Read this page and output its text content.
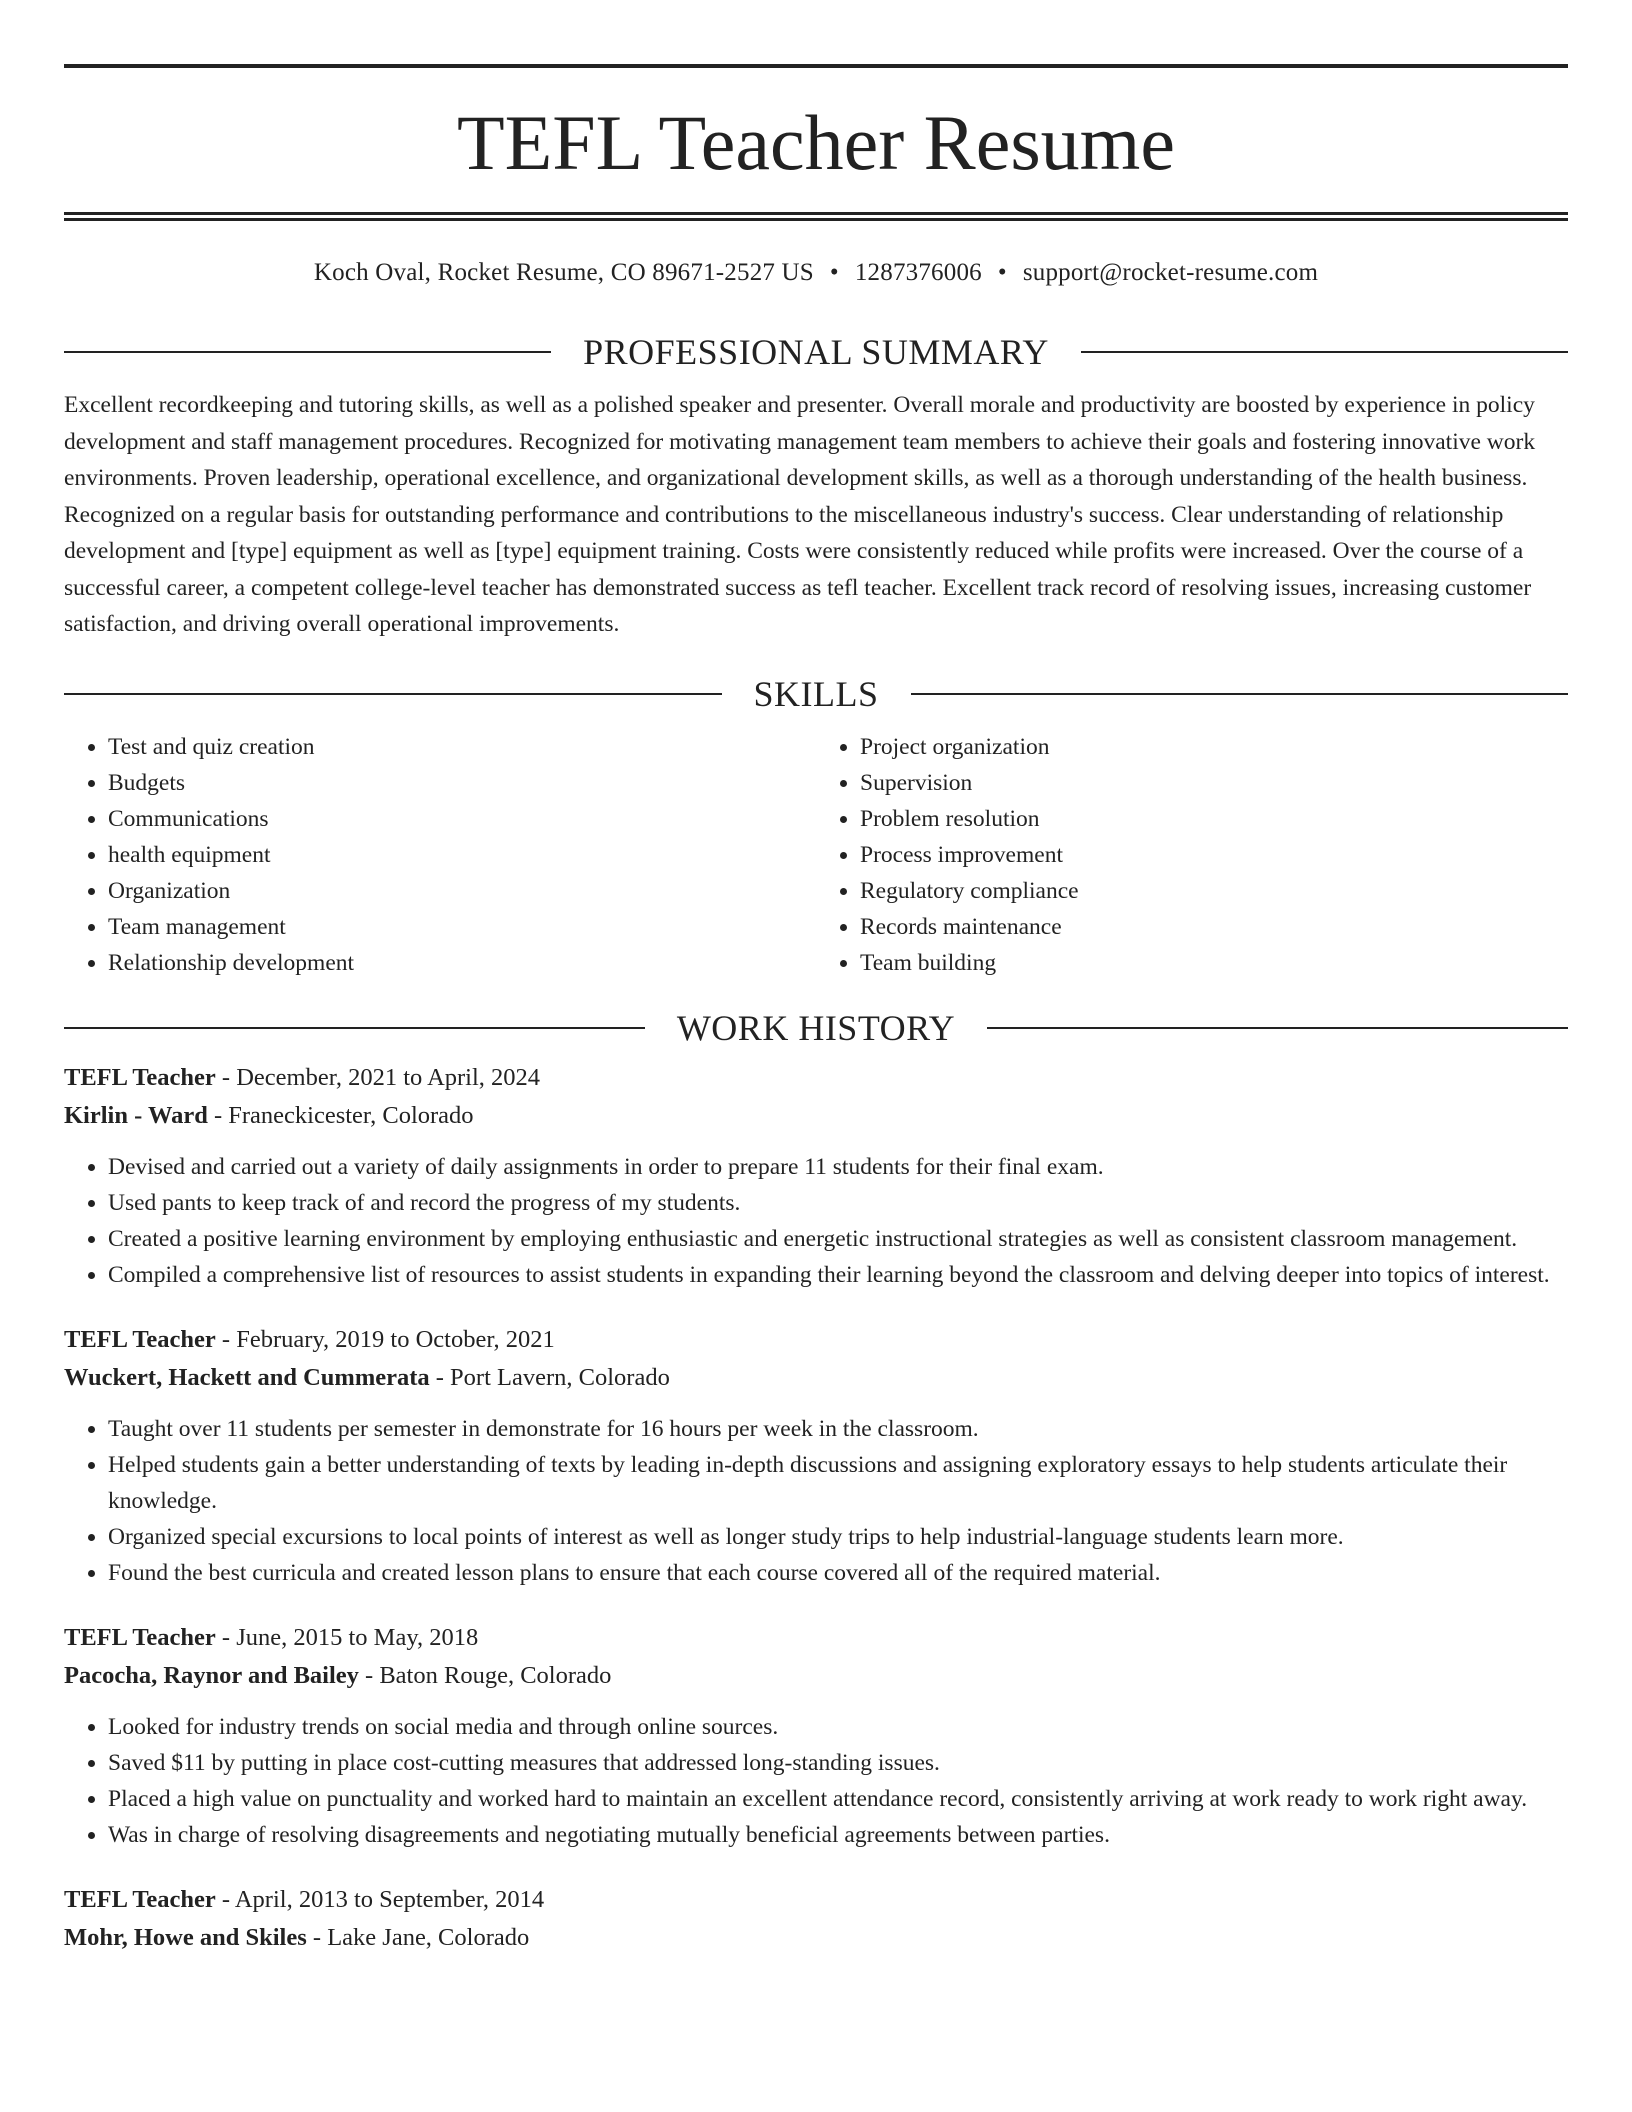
TEFL Teacher Resume
Koch Oval, Rocket Resume, CO 89671-2527 US • 1287376006 • support@rocket-resume.com
PROFESSIONAL SUMMARY

Excellent recordkeeping and tutoring skills, as well as a polished speaker and presenter. Overall morale and productivity are boosted by experience in policy development and staff management procedures. Recognized for motivating management team members to achieve their goals and fostering innovative work environments. Proven leadership, operational excellence, and organizational development skills, as well as a thorough understanding of the health business. Recognized on a regular basis for outstanding performance and contributions to the miscellaneous industry's success. Clear understanding of relationship development and [type] equipment as well as [type] equipment training. Costs were consistently reduced while profits were increased. Over the course of a successful career, a competent college-level teacher has demonstrated success as tefl teacher. Excellent track record of resolving issues, increasing customer satisfaction, and driving overall operational improvements.

SKILLS
• Test and quiz creation
• Budgets
• Communications
• health equipment
• Organization
• Team management
• Relationship development
• Project organization
• Supervision
• Problem resolution
• Process improvement
• Regulatory compliance
• Records maintenance
• Team building
WORK HISTORY
TEFL Teacher - December, 2021 to April, 2024
Kirlin - Ward - Franeckicester, Colorado
• Devised and carried out a variety of daily assignments in order to prepare 11 students for their final exam.
• Used pants to keep track of and record the progress of my students.
• Created a positive learning environment by employing enthusiastic and energetic instructional strategies as well as consistent classroom management.
• Compiled a comprehensive list of resources to assist students in expanding their learning beyond the classroom and delving deeper into topics of interest.
TEFL Teacher - February, 2019 to October, 2021
Wuckert, Hackett and Cummerata - Port Lavern, Colorado
• Taught over 11 students per semester in demonstrate for 16 hours per week in the classroom.
• Helped students gain a better understanding of texts by leading in-depth discussions and assigning exploratory essays to help students articulate their knowledge.
• Organized special excursions to local points of interest as well as longer study trips to help industrial-language students learn more.
• Found the best curricula and created lesson plans to ensure that each course covered all of the required material.
TEFL Teacher - June, 2015 to May, 2018
Pacocha, Raynor and Bailey - Baton Rouge, Colorado
• Looked for industry trends on social media and through online sources.
• Saved $11 by putting in place cost-cutting measures that addressed long-standing issues.
• Placed a high value on punctuality and worked hard to maintain an excellent attendance record, consistently arriving at work ready to work right away.
• Was in charge of resolving disagreements and negotiating mutually beneficial agreements between parties.
TEFL Teacher - April, 2013 to September, 2014
Mohr, Howe and Skiles - Lake Jane, Colorado
